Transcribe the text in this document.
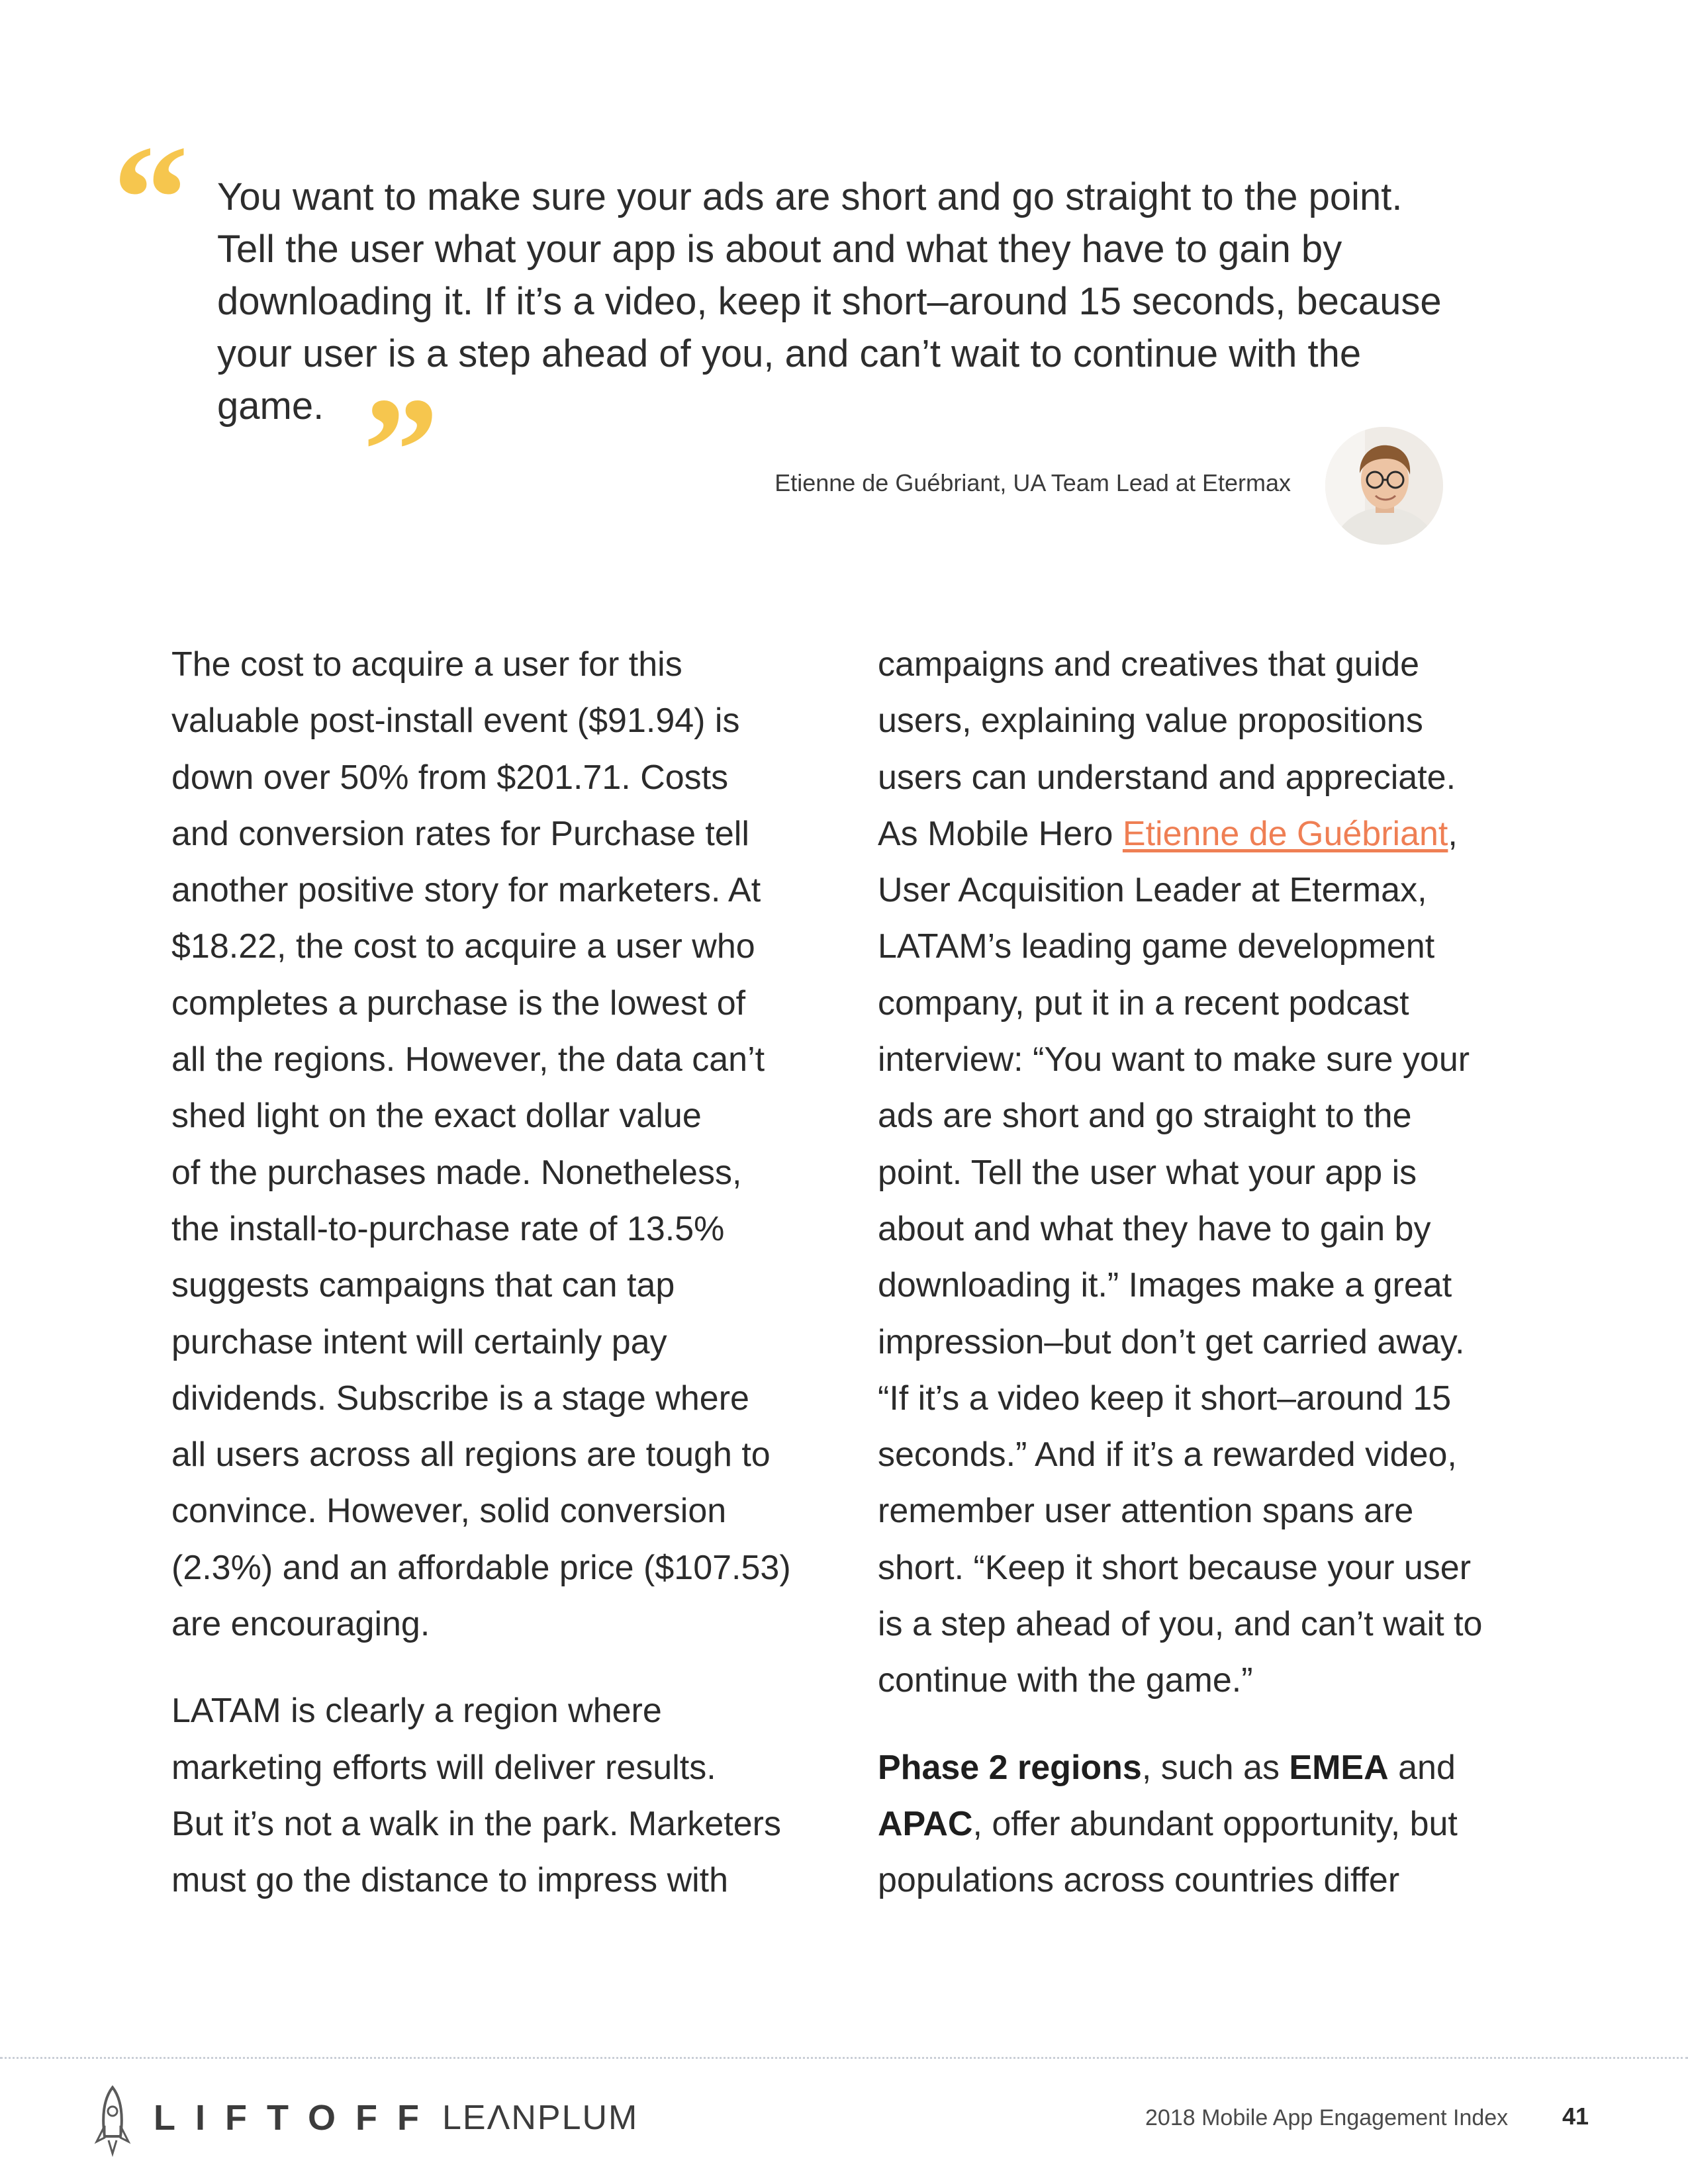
“ You want to make sure your ads are short and go straight to the point.
Tell the user what your app is about and what they have to gain by
downloading it. If it’s a video, keep it short–around 15 seconds, because
your user is a step ahead of you, and can’t wait to continue with the
game. ”	Etienne de Guébriant, UA Team Lead at Etermax
The cost to acquire a user for this
valuable post-install event ($91.94) is
down over 50% from $201.71. Costs
and conversion rates for Purchase tell
another positive story for marketers. At
$18.22, the cost to acquire a user who
completes a purchase is the lowest of
all the regions. However, the data can’t
shed light on the exact dollar value
of the purchases made. Nonetheless,
the install-to-purchase rate of 13.5%
suggests campaigns that can tap
purchase intent will certainly pay
dividends. Subscribe is a stage where
all users across all regions are tough to
convince. However, solid conversion
(2.3%) and an affordable price ($107.53)
are encouraging.
LATAM is clearly a region where
marketing efforts will deliver results.
But it’s not a walk in the park. Marketers
must go the distance to impress with
campaigns and creatives that guide
users, explaining value propositions
users can understand and appreciate.
As Mobile Hero Etienne de Guébriant,
User Acquisition Leader at Etermax,
LATAM’s leading game development
company, put it in a recent podcast
interview: “You want to make sure your
ads are short and go straight to the
point. Tell the user what your app is
about and what they have to gain by
downloading it.” Images make a great
impression–but don’t get carried away.
“If it’s a video keep it short–around 15
seconds.” And if it’s a rewarded video,
remember user attention spans are
short. “Keep it short because your user
is a step ahead of you, and can’t wait to
continue with the game.”
Phase 2 regions, such as EMEA and
APAC, offer abundant opportunity, but
populations across countries differ
LIFTOFF LEΛNPLUM	2018 Mobile App Engagement Index 41
